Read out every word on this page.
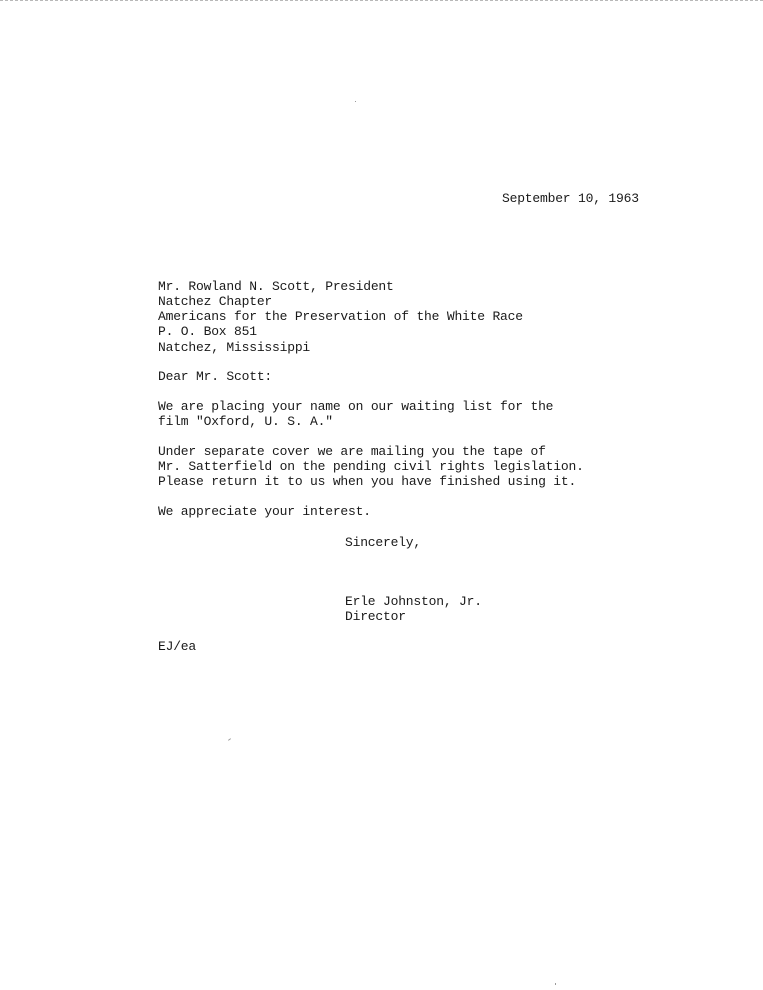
September 10, 1963
Mr. Rowland N. Scott, President
Natchez Chapter
Americans for the Preservation of the White Race
P. O. Box 851
Natchez, Mississippi
Dear Mr. Scott:
We are placing your name on our waiting list for the
film "Oxford, U. S. A."
Under separate cover we are mailing you the tape of
Mr. Satterfield on the pending civil rights legislation.
Please return it to us when you have finished using it.
We appreciate your interest.
Sincerely,
Erle Johnston, Jr.
Director
EJ/ea
